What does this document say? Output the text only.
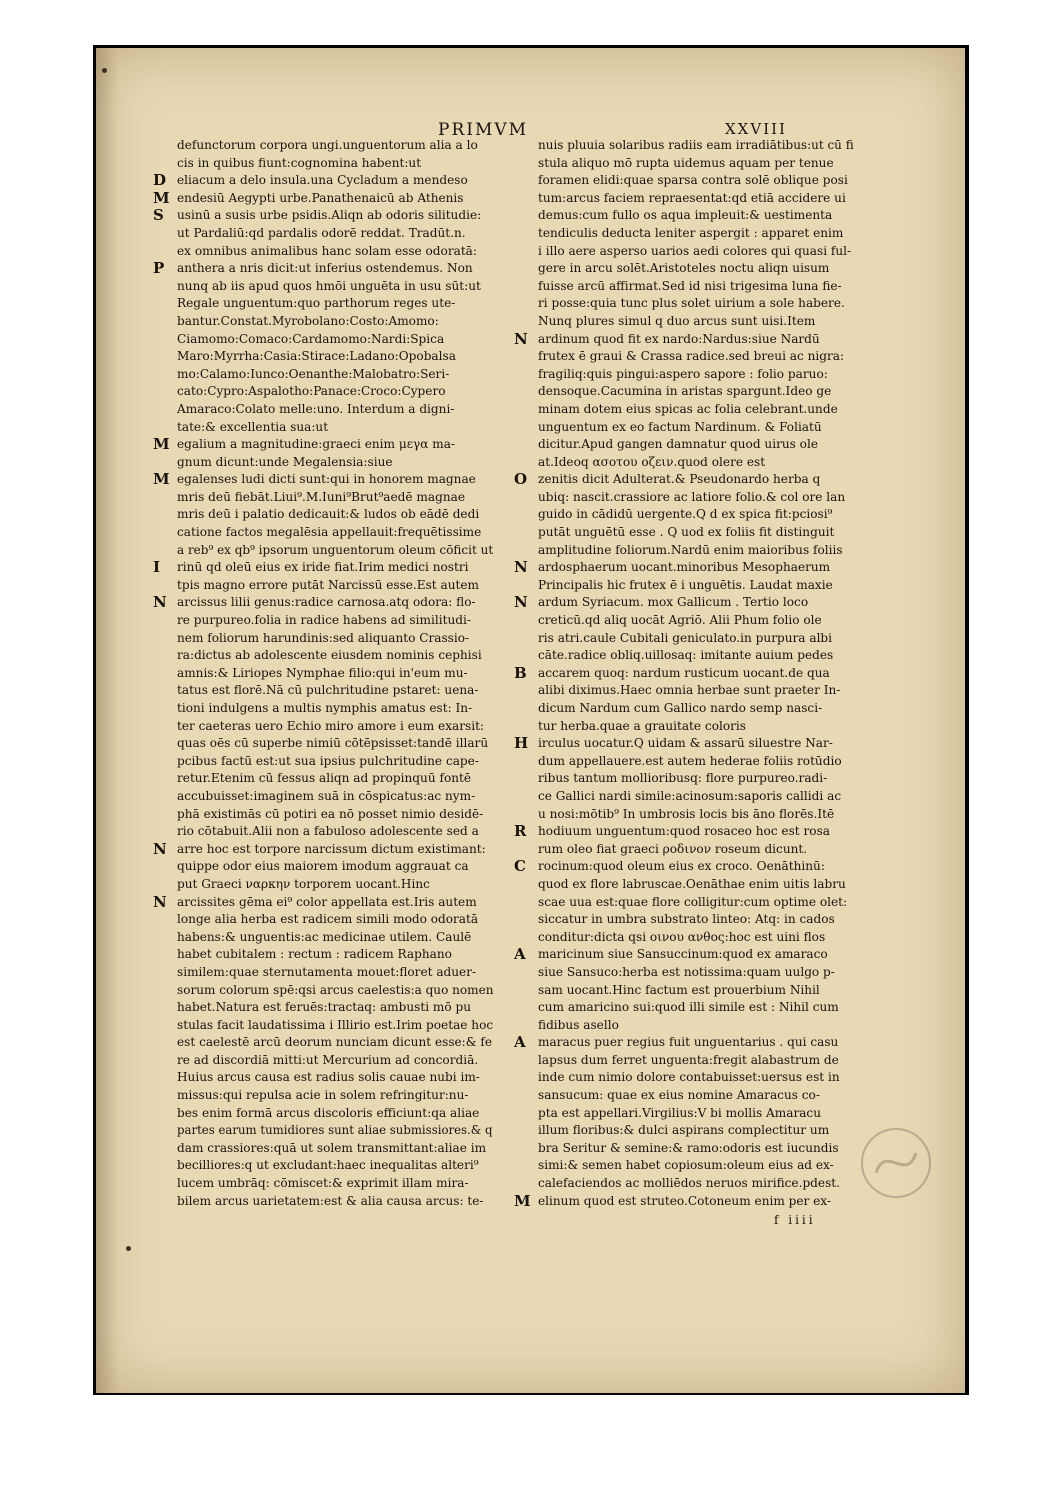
PRIMVM	XXVIII
defunctorum corpora ungi.unguentorum alia a lo
cis in quibus fiunt:cognomina habent:ut
D eliacum a delo insula.una Cycladum a mendeso
M endesiū Aegypti urbe.Panathenaicū ab Athenis
S usinū a susis urbe psidis.Aliqn ab odoris silitudie:
ut Pardaliū:qd pardalis odorē reddat. Tradūt.n.
ex omnibus animalibus hanc solam esse odoratā:
P anthera a nris dicit:ut inferius ostendemus. Non
nunq ab iis apud quos hmōi unguēta in usu sūt:ut
Regale unguentum:quo parthorum reges ute-
bantur.Constat.Myrobolano:Costo:Amomo:
Ciamomo:Comaco:Cardamomo:Nardi:Spica
Maro:Myrrha:Casia:Stirace:Ladano:Opobalsa
mo:Calamo:Iunco:Oenanthe:Malobatro:Seri-
cato:Cypro:Aspalotho:Panace:Croco:Cypero
Amaraco:Colato melle:uno. Interdum a digni-
tate:& excellentia sua:ut
M egalium a magnitudine:graeci enim μεγα ma-
gnum dicunt:unde Megalensia:siue
M egalenses ludi dicti sunt:qui in honorem magnae
mris deū fiebāt.Liui⁹.M.Iuni⁹Brut⁹aedē magnae
mris deū i palatio dedicauit:& ludos ob eādē dedi
catione factos megalēsia appellauit:frequētissime
a reb⁹ ex qb⁹ ipsorum unguentorum oleum cōficit ut
I rinū qd oleū eius ex iride fiat.Irim medici nostri
tpis magno errore putāt Narcissū esse.Est autem
N arcissus lilii genus:radice carnosa.atq odora: flo-
re purpureo.folia in radice habens ad similitudi-
nem foliorum harundinis:sed aliquanto Crassio-
ra:dictus ab adolescente eiusdem nominis cephisi
amnis:& Liriopes Nymphae filio:qui in'eum mu-
tatus est florē.Nā cū pulchritudine pstaret: uena-
tioni indulgens a multis nymphis amatus est: In-
ter caeteras uero Echio miro amore i eum exarsit:
quas oēs cū superbe nimiū cōtēpsisset:tandē illarū
pcibus factū est:ut sua ipsius pulchritudine cape-
retur.Etenim cū fessus aliqn ad propinquū fontē
accubuisset:imaginem suā in cōspicatus:ac nym-
phā existimās cū potiri ea nō posset nimio desidē-
rio cōtabuit.Alii non a fabuloso adolescente sed a
N arre hoc est torpore narcissum dictum existimant:
quippe odor eius maiorem imodum aggrauat ca
put Graeci ναρκην torporem uocant.Hinc
N arcissites gēma ei⁹ color appellata est.Iris autem
longe alia herba est radicem simili modo odoratā
habens:& unguentis:ac medicinae utilem. Caulē
habet cubitalem : rectum : radicem Raphano
similem:quae sternutamenta mouet:floret aduer-
sorum colorum spē:qsi arcus caelestis:a quo nomen
habet.Natura est feruēs:tractaq: ambusti mō pu
stulas facit laudatissima i Illirio est.Irim poetae hoc
est caelestē arcū deorum nunciam dicunt esse:& fe
re ad discordiā mitti:ut Mercurium ad concordiā.
Huius arcus causa est radius solis cauae nubi im-
missus:qui repulsa acie in solem refringitur:nu-
bes enim formā arcus discoloris efficiunt:qa aliae
partes earum tumidiores sunt aliae submissiores.& q
dam crassiores:quā ut solem transmittant:aliae im
becilliores:q ut excludant:haec inequalitas alteri⁹
lucem umbrāq: cōmiscet:& exprimit illam mira-
bilem arcus uarietatem:est & alia causa arcus: te-
nuis pluuia solaribus radiis eam irradiātibus:ut cū fi
stula aliquo mō rupta uidemus aquam per tenue
foramen elidi:quae sparsa contra solē oblique posi
tum:arcus faciem repraesentat:qd etiā accidere ui
demus:cum fullo os aqua impleuit:& uestimenta
tendiculis deducta leniter aspergit : apparet enim
i illo aere asperso uarios aedi colores qui quasi ful-
gere in arcu solēt.Aristoteles noctu aliqn uisum
fuisse arcū affirmat.Sed id nisi trigesima luna fie-
ri posse:quia tunc plus solet uirium a sole habere.
Nunq plures simul q duo arcus sunt uisi.Item
N ardinum quod fit ex nardo:Nardus:siue Nardū
frutex ē graui & Crassa radice.sed breui ac nigra:
fragiliq:quis pingui:aspero sapore : folio paruo:
densoque.Cacumina in aristas spargunt.Ideo ge
minam dotem eius spicas ac folia celebrant.unde
unguentum ex eo factum Nardinum. & Foliatū
dicitur.Apud gangen damnatur quod uirus ole
at.Ideoq ασοτου οζειν.quod olere est
O zenitis dicit Adulterat.& Pseudonardo herba q
ubiq: nascit.crassiore ac latiore folio.& col ore lan
guido in cādidū uergente.Q d ex spica fit:pciosi⁹
putāt unguētū esse . Q uod ex foliis fit distinguit
amplitudine foliorum.Nardū enim maioribus foliis
N ardosphaerum uocant.minoribus Mesophaerum
Principalis hic frutex ē i unguētis. Laudat maxie
N ardum Syriacum. mox Gallicum . Tertio loco
creticū.qd aliq uocāt Agriō. Alii Phum folio ole
ris atri.caule Cubitali geniculato.in purpura albi
cāte.radice obliq.uillosaq: imitante auium pedes
B accarem quoq: nardum rusticum uocant.de qua
alibi diximus.Haec omnia herbae sunt praeter In-
dicum Nardum cum Gallico nardo semp nasci-
tur herba.quae a grauitate coloris
H irculus uocatur.Q uidam & assarū siluestre Nar-
dum appellauere.est autem hederae foliis rotūdio
ribus tantum mollioribusq: flore purpureo.radi-
ce Gallici nardi simile:acinosum:saporis callidi ac
u nosi:mōtib⁹ In umbrosis locis bis āno florēs.Itē
R hodiuum unguentum:quod rosaceo hoc est rosa
rum oleo fiat graeci ροδινον roseum dicunt.
C rocinum:quod oleum eius ex croco. Oenāthinū:
quod ex flore labruscae.Oenāthae enim uitis labru
scae uua est:quae flore colligitur:cum optime olet:
siccatur in umbra substrato linteo: Atq: in cados
conditur:dicta qsi οινου ανθος:hoc est uini flos
A maricinum siue Sansuccinum:quod ex amaraco
siue Sansuco:herba est notissima:quam uulgo p-
sam uocant.Hinc factum est prouerbium Nihil
cum amaricino sui:quod illi simile est : Nihil cum
fidibus asello
A maracus puer regius fuit unguentarius . qui casu
lapsus dum ferret unguenta:fregit alabastrum de
inde cum nimio dolore contabuisset:uersus est in
sansucum: quae ex eius nomine Amaracus co-
pta est appellari.Virgilius:V bi mollis Amaracu
illum floribus:& dulci aspirans complectitur um
bra Seritur & semine:& ramo:odoris est iucundis
simi:& semen habet copiosum:oleum eius ad ex-
calefaciendos ac molliēdos neruos mirifice.pdest.
M elinum quod est struteo.Cotoneum enim per ex-
f iiii
